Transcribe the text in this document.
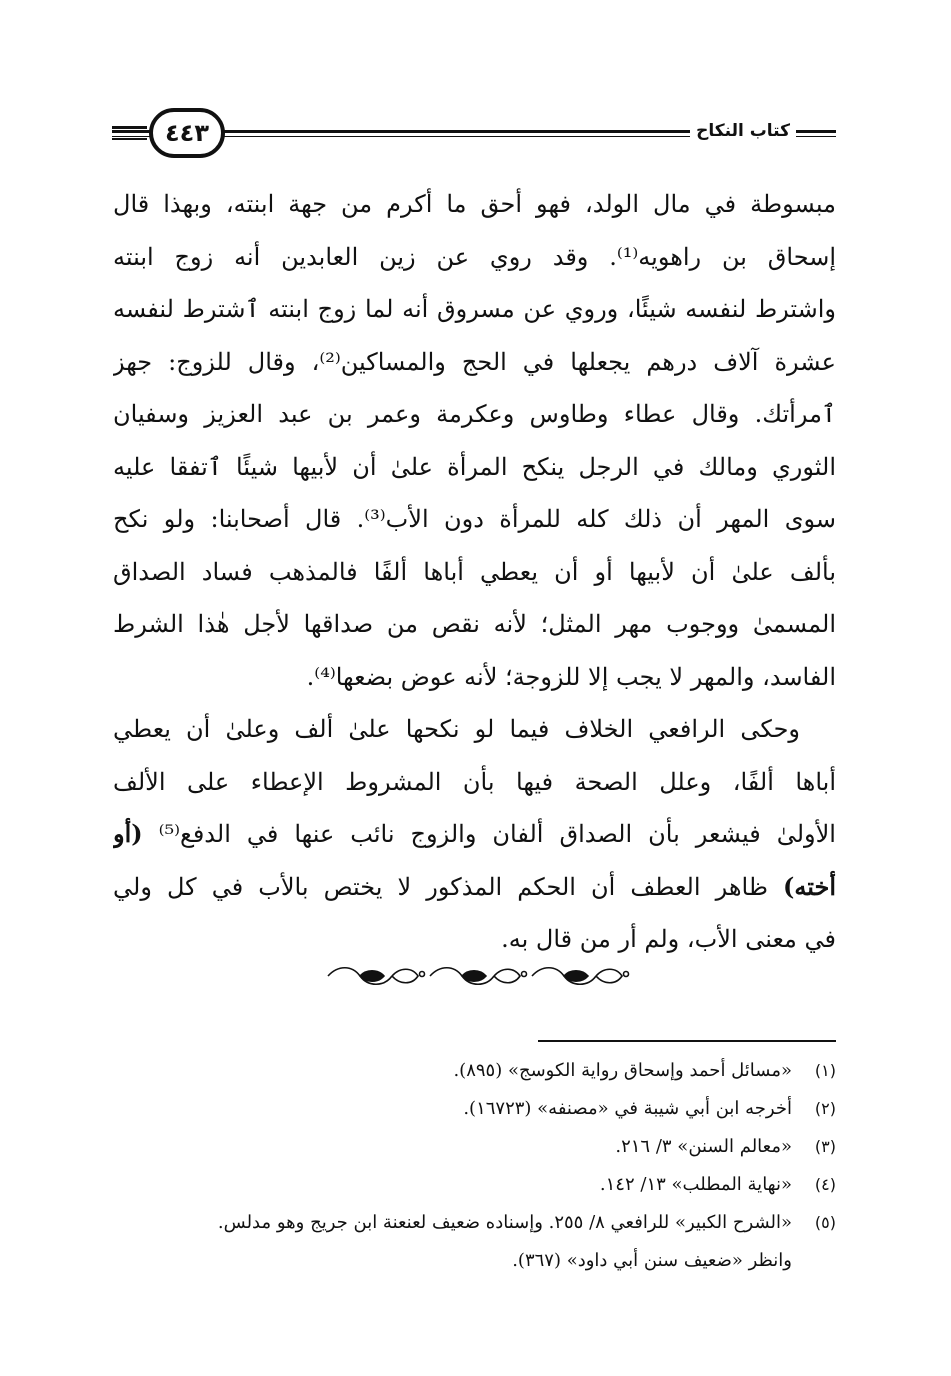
٤٤٣	كتاب النكاح
مبسوطة في مال الولد، فهو أحق ما أكرم من جهة ابنته، وبهذا قال
إسحاق بن راهويه⁽¹⁾. وقد روي عن زين العابدين أنه زوج ابنته
واشترط لنفسه شيئًا، وروي عن مسروق أنه لما زوج ابنته ٱشترط لنفسه
عشرة آلاف درهم يجعلها في الحج والمساكين⁽²⁾، وقال للزوج: جهز
ٱمرأتك. وقال عطاء وطاوس وعكرمة وعمر بن عبد العزيز وسفيان
الثوري ومالك في الرجل ينكح المرأة علىٰ أن لأبيها شيئًا ٱتفقا عليه
سوى المهر أن ذلك كله للمرأة دون الأب⁽³⁾. قال أصحابنا: ولو نكح
بألف علىٰ أن لأبيها أو أن يعطي أباها ألفًا فالمذهب فساد الصداق
المسمىٰ ووجوب مهر المثل؛ لأنه نقص من صداقها لأجل هٰذا الشرط
الفاسد، والمهر لا يجب إلا للزوجة؛ لأنه عوض بضعها⁽⁴⁾.
وحكى الرافعي الخلاف فيما لو نكحها علىٰ ألف وعلىٰ أن يعطي
أباها ألفًا، وعلل الصحة فيها بأن المشروط الإعطاء على الألف
الأولىٰ فيشعر بأن الصداق ألفان والزوج نائب عنها في الدفع⁽⁵⁾ (أو
أخته) ظاهر العطف أن الحكم المذكور لا يختص بالأب في كل ولي
في معنى الأب، ولم أر من قال به.
(١)«مسائل أحمد وإسحاق رواية الكوسج» (٨٩٥).
(٢)أخرجه ابن أبي شيبة في «مصنفه» (١٦٧٢٣).
(٣)«معالم السنن» ٣/ ٢١٦.
(٤)«نهاية المطلب» ١٣/ ١٤٢.
(٥)«الشرح الكبير» للرافعي ٨/ ٢٥٥. وإسناده ضعيف لعنعنة ابن جريج وهو مدلس.
وانظر «ضعيف سنن أبي داود» (٣٦٧).
